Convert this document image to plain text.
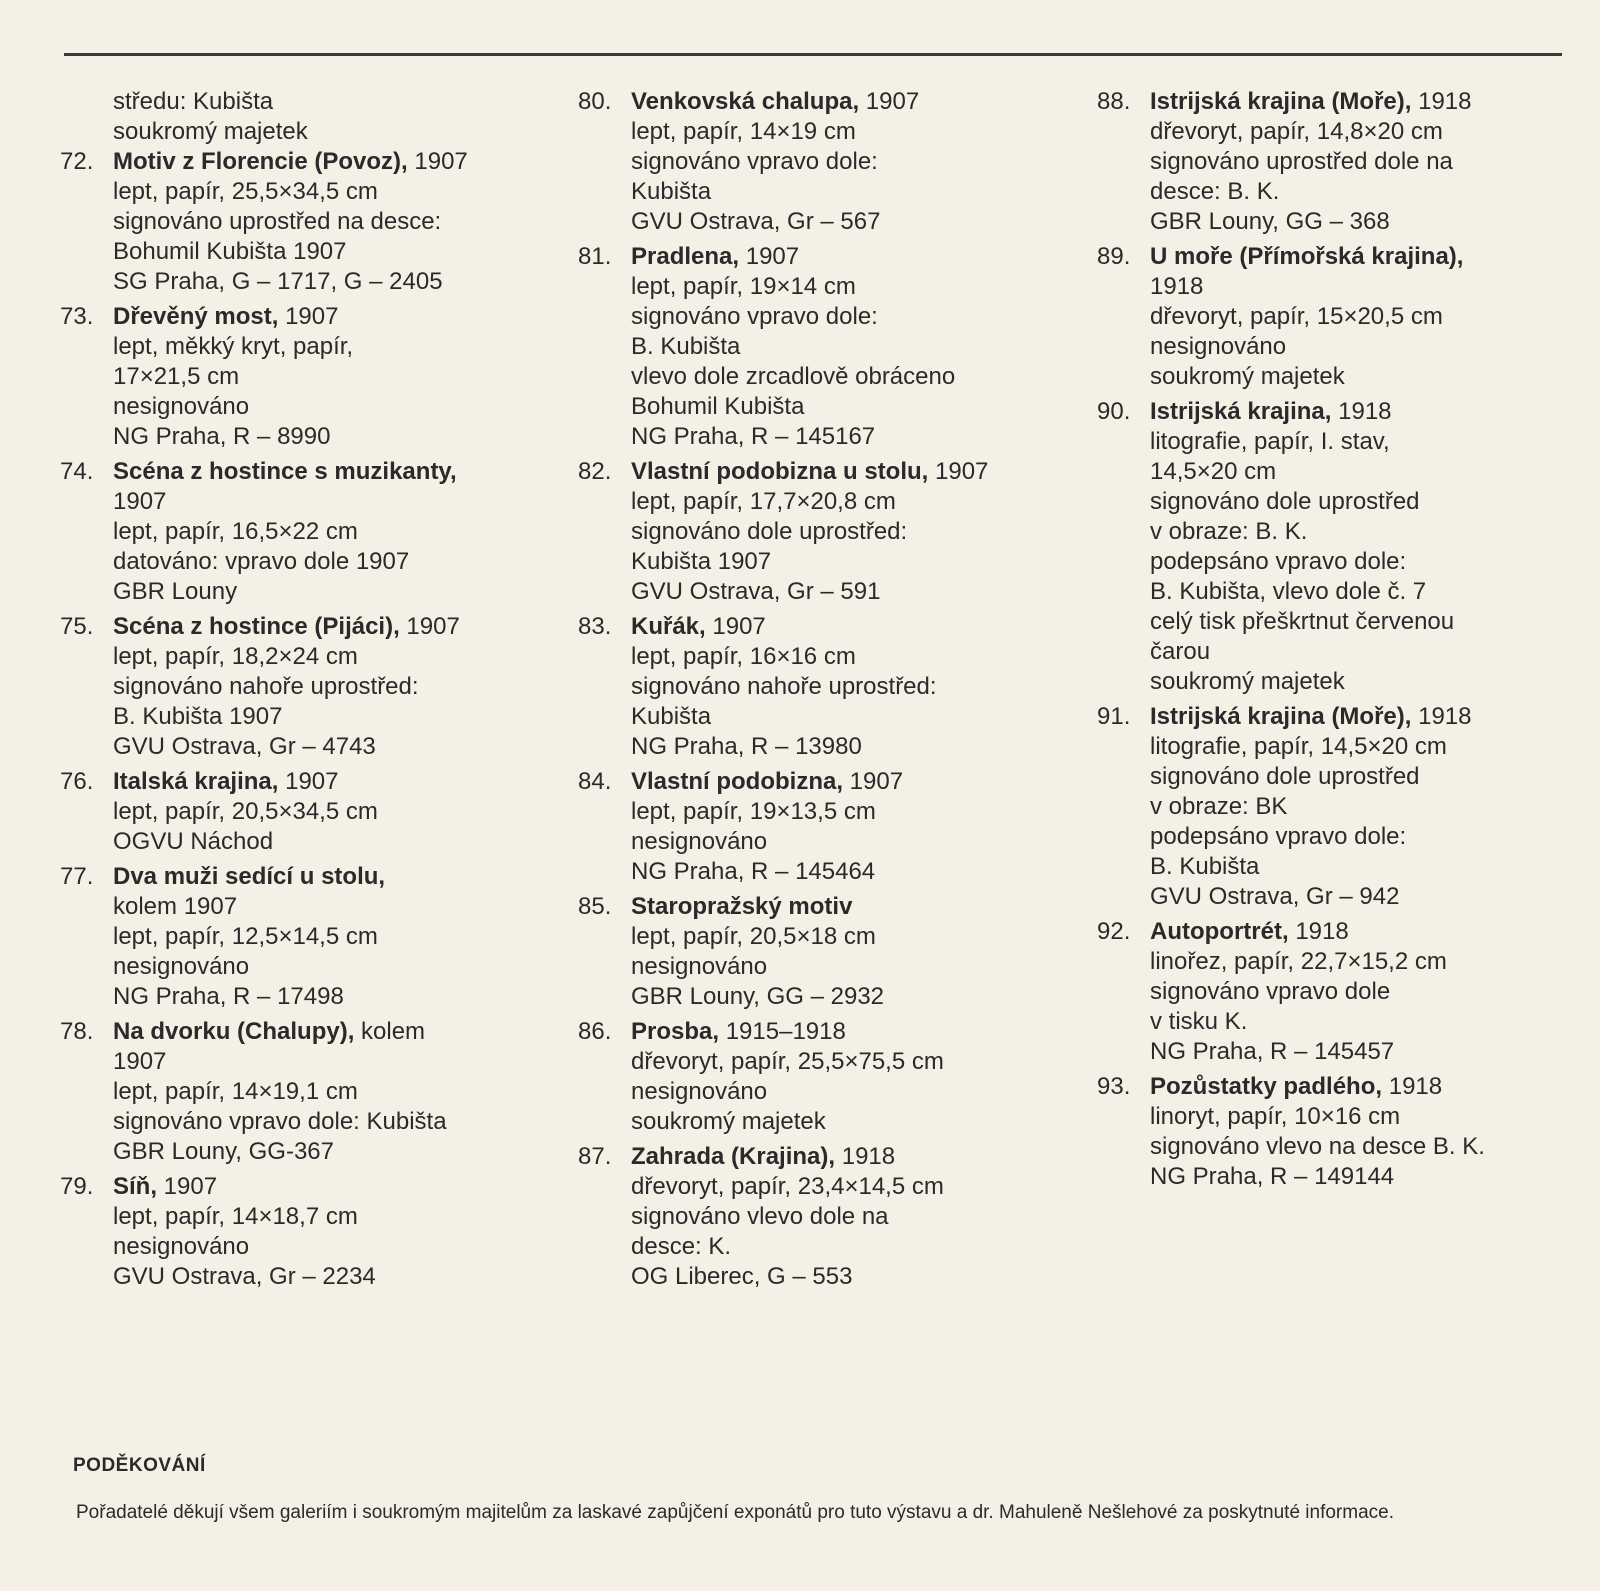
středu: Kubišta
soukromý majetek
72. Motiv z Florencie (Povoz), 1907
lept, papír, 25,5×34,5 cm
signováno uprostřed na desce:
Bohumil Kubišta 1907
SG Praha, G – 1717, G – 2405
73. Dřevěný most, 1907
lept, měkký kryt, papír,
17×21,5 cm
nesignováno
NG Praha, R – 8990
74. Scéna z hostince s muzikanty,
1907
lept, papír, 16,5×22 cm
datováno: vpravo dole 1907
GBR Louny
75. Scéna z hostince (Pijáci), 1907
lept, papír, 18,2×24 cm
signováno nahoře uprostřed:
B. Kubišta 1907
GVU Ostrava, Gr – 4743
76. Italská krajina, 1907
lept, papír, 20,5×34,5 cm
OGVU Náchod
77. Dva muži sedící u stolu,
kolem 1907
lept, papír, 12,5×14,5 cm
nesignováno
NG Praha, R – 17498
78. Na dvorku (Chalupy), kolem
1907
lept, papír, 14×19,1 cm
signováno vpravo dole: Kubišta
GBR Louny, GG-367
79. Síň, 1907
lept, papír, 14×18,7 cm
nesignováno
GVU Ostrava, Gr – 2234
80. Venkovská chalupa, 1907
lept, papír, 14×19 cm
signováno vpravo dole:
Kubišta
GVU Ostrava, Gr – 567
81. Pradlena, 1907
lept, papír, 19×14 cm
signováno vpravo dole:
B. Kubišta
vlevo dole zrcadlově obráceno
Bohumil Kubišta
NG Praha, R – 145167
82. Vlastní podobizna u stolu, 1907
lept, papír, 17,7×20,8 cm
signováno dole uprostřed:
Kubišta 1907
GVU Ostrava, Gr – 591
83. Kuřák, 1907
lept, papír, 16×16 cm
signováno nahoře uprostřed:
Kubišta
NG Praha, R – 13980
84. Vlastní podobizna, 1907
lept, papír, 19×13,5 cm
nesignováno
NG Praha, R – 145464
85. Staropražský motiv
lept, papír, 20,5×18 cm
nesignováno
GBR Louny, GG – 2932
86. Prosba, 1915–1918
dřevoryt, papír, 25,5×75,5 cm
nesignováno
soukromý majetek
87. Zahrada (Krajina), 1918
dřevoryt, papír, 23,4×14,5 cm
signováno vlevo dole na
desce: K.
OG Liberec, G – 553
88. Istrijská krajina (Moře), 1918
dřevoryt, papír, 14,8×20 cm
signováno uprostřed dole na
desce: B. K.
GBR Louny, GG – 368
89. U moře (Přímořská krajina),
1918
dřevoryt, papír, 15×20,5 cm
nesignováno
soukromý majetek
90. Istrijská krajina, 1918
litografie, papír, I. stav,
14,5×20 cm
signováno dole uprostřed
v obraze: B. K.
podepsáno vpravo dole:
B. Kubišta, vlevo dole č. 7
celý tisk přeškrtnut červenou
čarou
soukromý majetek
91. Istrijská krajina (Moře), 1918
litografie, papír, 14,5×20 cm
signováno dole uprostřed
v obraze: BK
podepsáno vpravo dole:
B. Kubišta
GVU Ostrava, Gr – 942
92. Autoportrét, 1918
linořez, papír, 22,7×15,2 cm
signováno vpravo dole
v tisku K.
NG Praha, R – 145457
93. Pozůstatky padlého, 1918
linoryt, papír, 10×16 cm
signováno vlevo na desce B. K.
NG Praha, R – 149144
PODĚKOVÁNÍ
Pořadatelé děkují všem galeriím i soukromým majitelům za laskavé zapůjčení exponátů pro tuto výstavu a dr. Mahuleně Nešlehové za poskytnuté informace.
